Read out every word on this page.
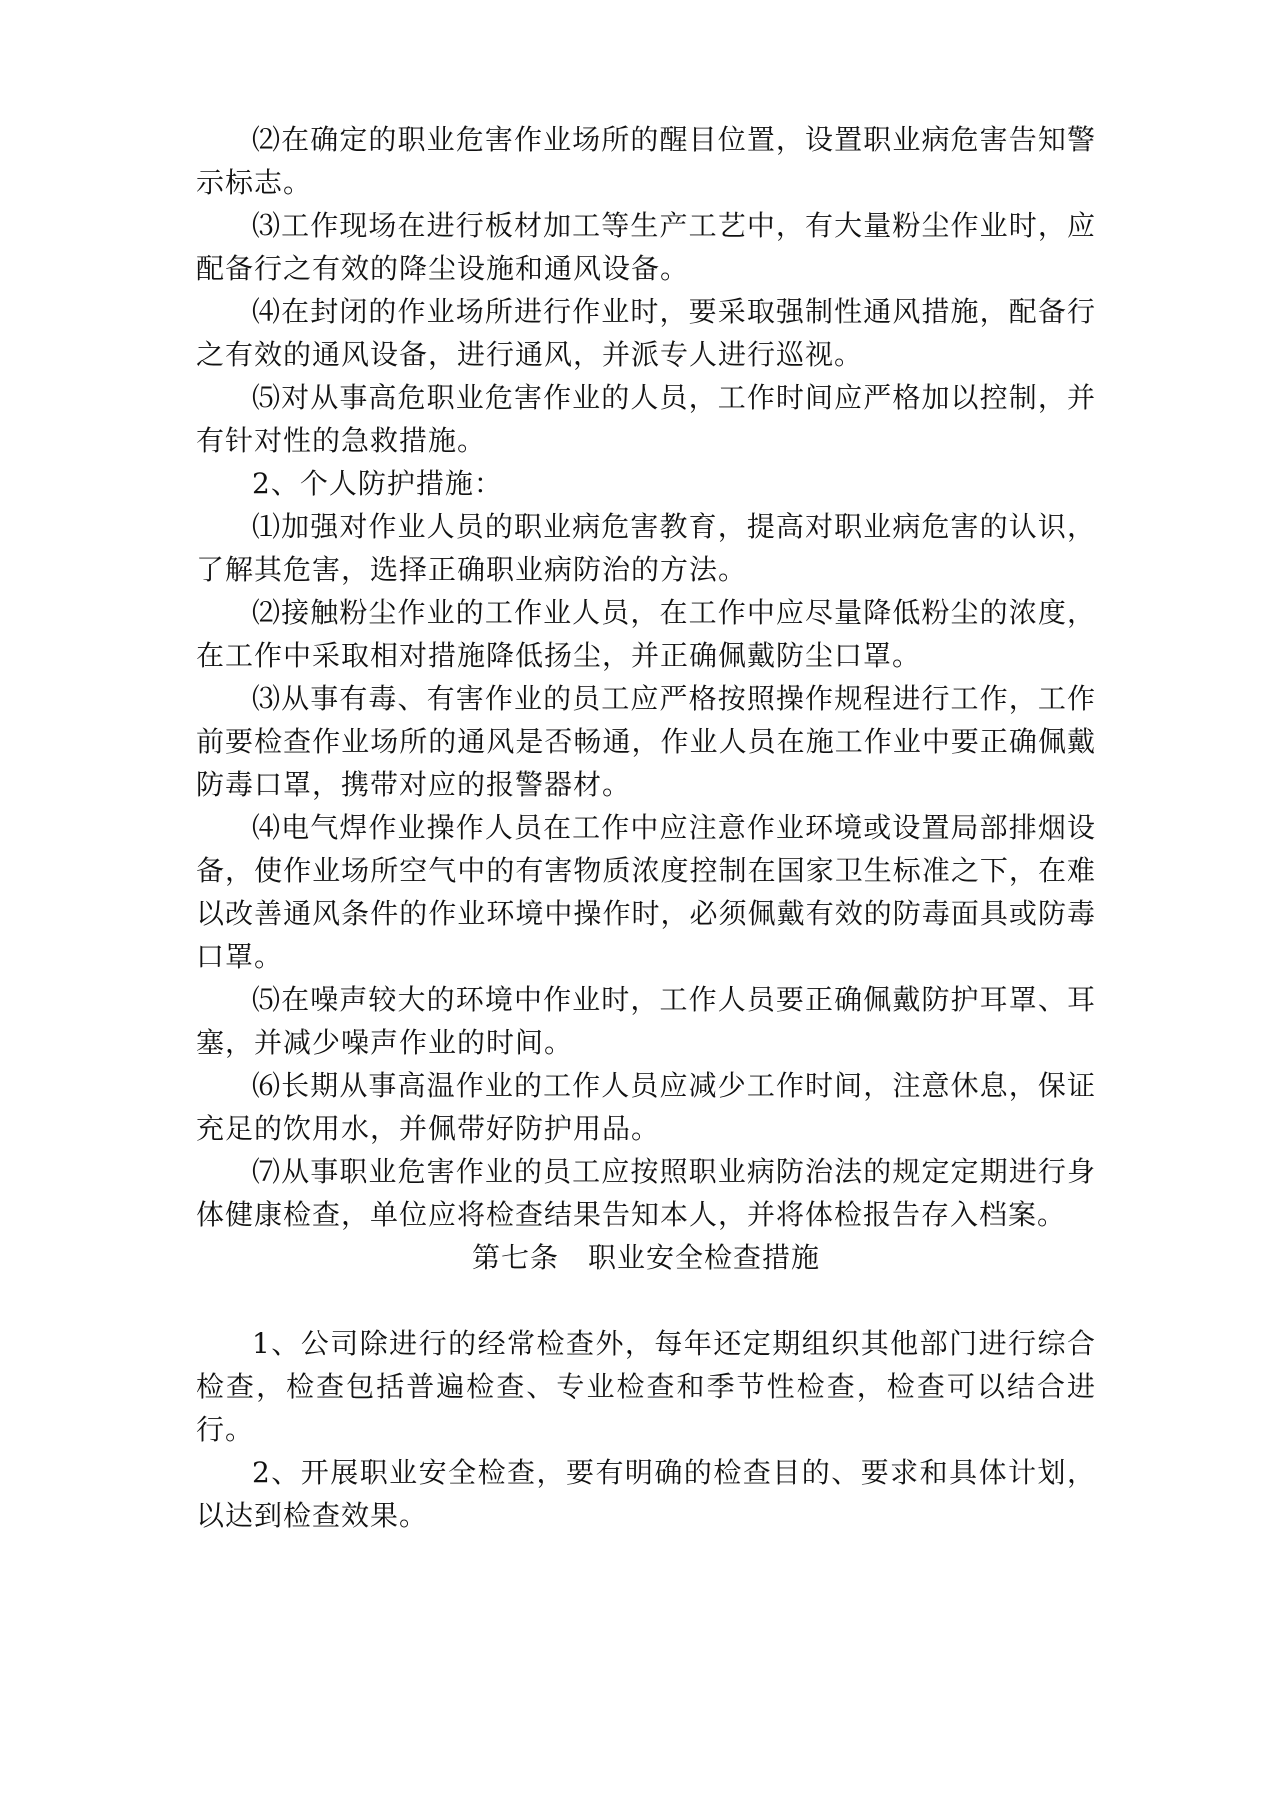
⑵在确定的职业危害作业场所的醒目位置，设置职业病危害告知警示标志。

⑶工作现场在进行板材加工等生产工艺中，有大量粉尘作业时，应配备行之有效的降尘设施和通风设备。

⑷在封闭的作业场所进行作业时，要采取强制性通风措施，配备行之有效的通风设备，进行通风，并派专人进行巡视。

⑸对从事高危职业危害作业的人员，工作时间应严格加以控制，并有针对性的急救措施。

2、个人防护措施：

⑴加强对作业人员的职业病危害教育，提高对职业病危害的认识，了解其危害，选择正确职业病防治的方法。

⑵接触粉尘作业的工作业人员，在工作中应尽量降低粉尘的浓度，在工作中采取相对措施降低扬尘，并正确佩戴防尘口罩。

⑶从事有毒、有害作业的员工应严格按照操作规程进行工作，工作前要检查作业场所的通风是否畅通，作业人员在施工作业中要正确佩戴防毒口罩，携带对应的报警器材。

⑷电气焊作业操作人员在工作中应注意作业环境或设置局部排烟设备，使作业场所空气中的有害物质浓度控制在国家卫生标准之下，在难以改善通风条件的作业环境中操作时，必须佩戴有效的防毒面具或防毒口罩。

⑸在噪声较大的环境中作业时，工作人员要正确佩戴防护耳罩、耳塞，并减少噪声作业的时间。

⑹长期从事高温作业的工作人员应减少工作时间，注意休息，保证充足的饮用水，并佩带好防护用品。

⑺从事职业危害作业的员工应按照职业病防治法的规定定期进行身体健康检查，单位应将检查结果告知本人，并将体检报告存入档案。

第七条　职业安全检查措施

1、公司除进行的经常检查外，每年还定期组织其他部门进行综合检查，检查包括普遍检查、专业检查和季节性检查，检查可以结合进行。

2、开展职业安全检查，要有明确的检查目的、要求和具体计划，以达到检查效果。
